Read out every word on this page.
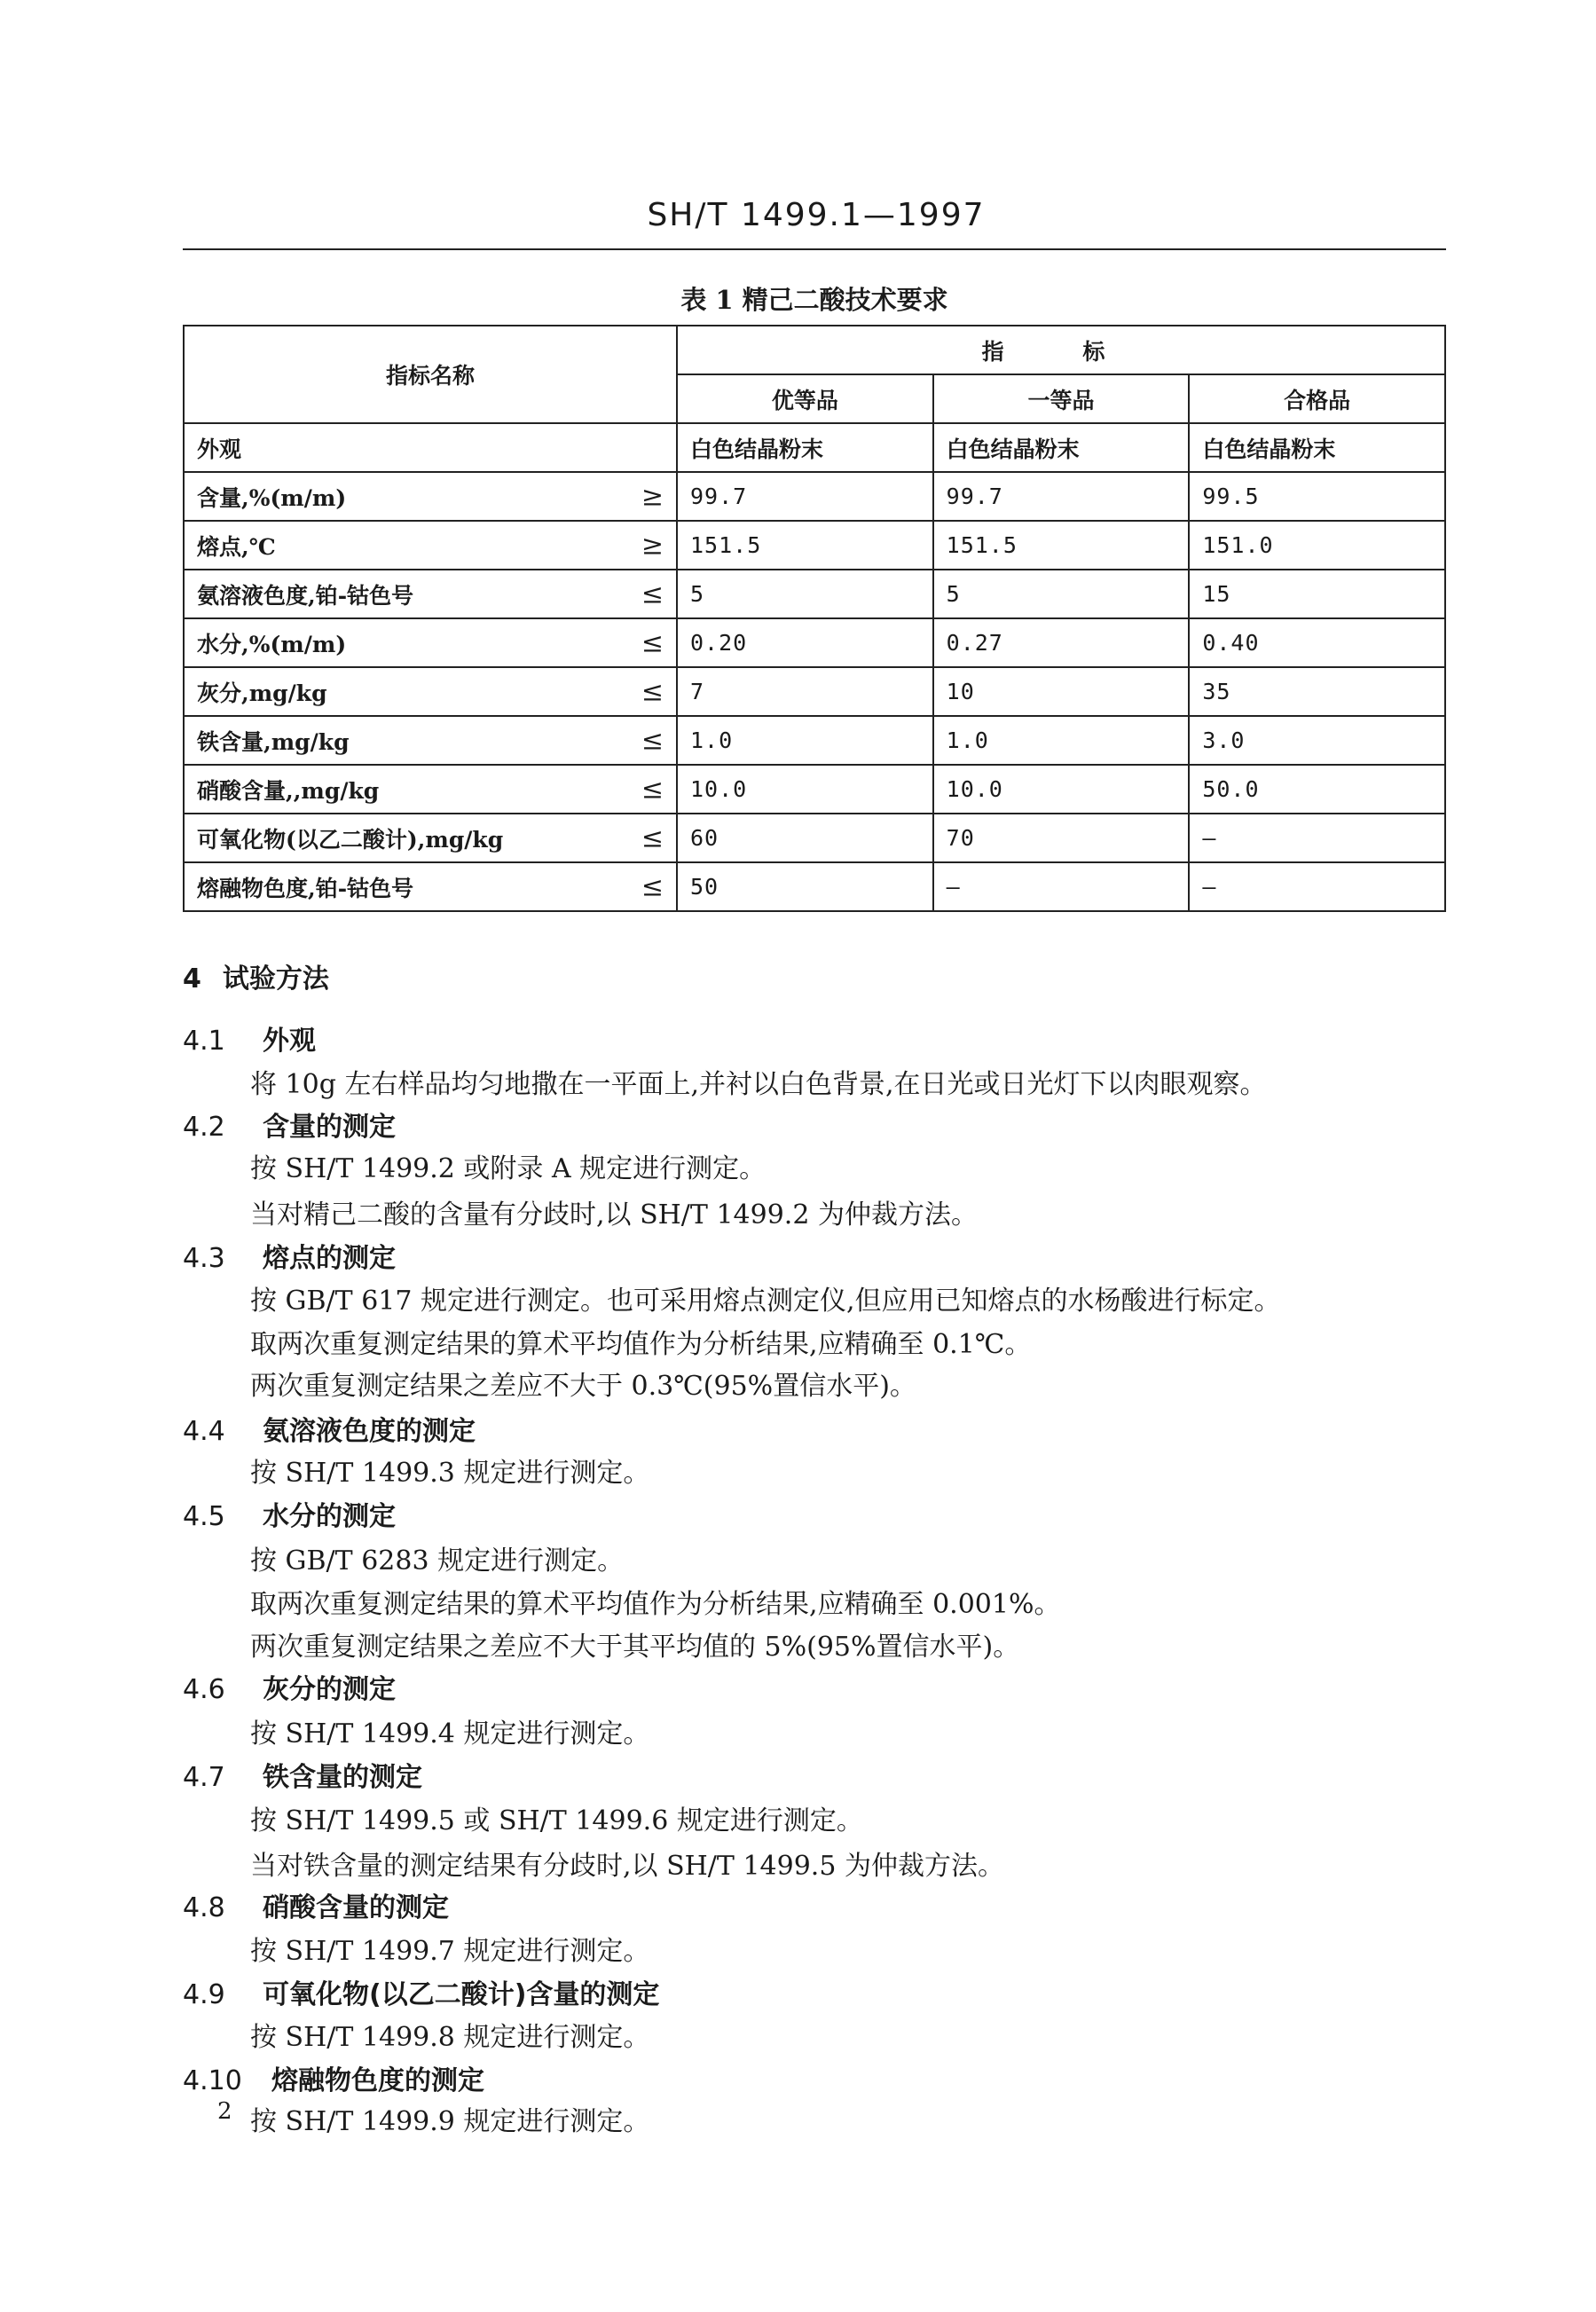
SH/T 1499.1—1997
表 1 精己二酸技术要求
指标名称	指 标		
	优等品	一等品	合格品
外观	白色结晶粉末	白色结晶粉末	白色结晶粉末
含量,%(m/m) ≥	99.7	99.7	99.5
熔点,℃ ≥	151.5	151.5	151.0
氨溶液色度,铂-钴色号 ≤	5	5	15
水分,%(m/m) ≤	0.20	0.27	0.40
灰分,mg/kg ≤	7	10	35
铁含量,mg/kg ≤	1.0	1.0	3.0
硝酸含量,,mg/kg ≤	10.0	10.0	50.0
可氧化物(以乙二酸计),mg/kg ≤	60	70	—
熔融物色度,铂-钴色号 ≤	50	—	—
4 试验方法
4.1 外观
将 10g 左右样品均匀地撒在一平面上,并衬以白色背景,在日光或日光灯下以肉眼观察。
4.2 含量的测定
按 SH/T 1499.2 或附录 A 规定进行测定。
当对精己二酸的含量有分歧时,以 SH/T 1499.2 为仲裁方法。
4.3 熔点的测定
按 GB/T 617 规定进行测定。也可采用熔点测定仪,但应用已知熔点的水杨酸进行标定。
取两次重复测定结果的算术平均值作为分析结果,应精确至 0.1℃。
两次重复测定结果之差应不大于 0.3℃(95%置信水平)。
4.4 氨溶液色度的测定
按 SH/T 1499.3 规定进行测定。
4.5 水分的测定
按 GB/T 6283 规定进行测定。
取两次重复测定结果的算术平均值作为分析结果,应精确至 0.001%。
两次重复测定结果之差应不大于其平均值的 5%(95%置信水平)。
4.6 灰分的测定
按 SH/T 1499.4 规定进行测定。
4.7 铁含量的测定
按 SH/T 1499.5 或 SH/T 1499.6 规定进行测定。
当对铁含量的测定结果有分歧时,以 SH/T 1499.5 为仲裁方法。
4.8 硝酸含量的测定
按 SH/T 1499.7 规定进行测定。
4.9 可氧化物(以乙二酸计)含量的测定
按 SH/T 1499.8 规定进行测定。
4.10 熔融物色度的测定
按 SH/T 1499.9 规定进行测定。
2
